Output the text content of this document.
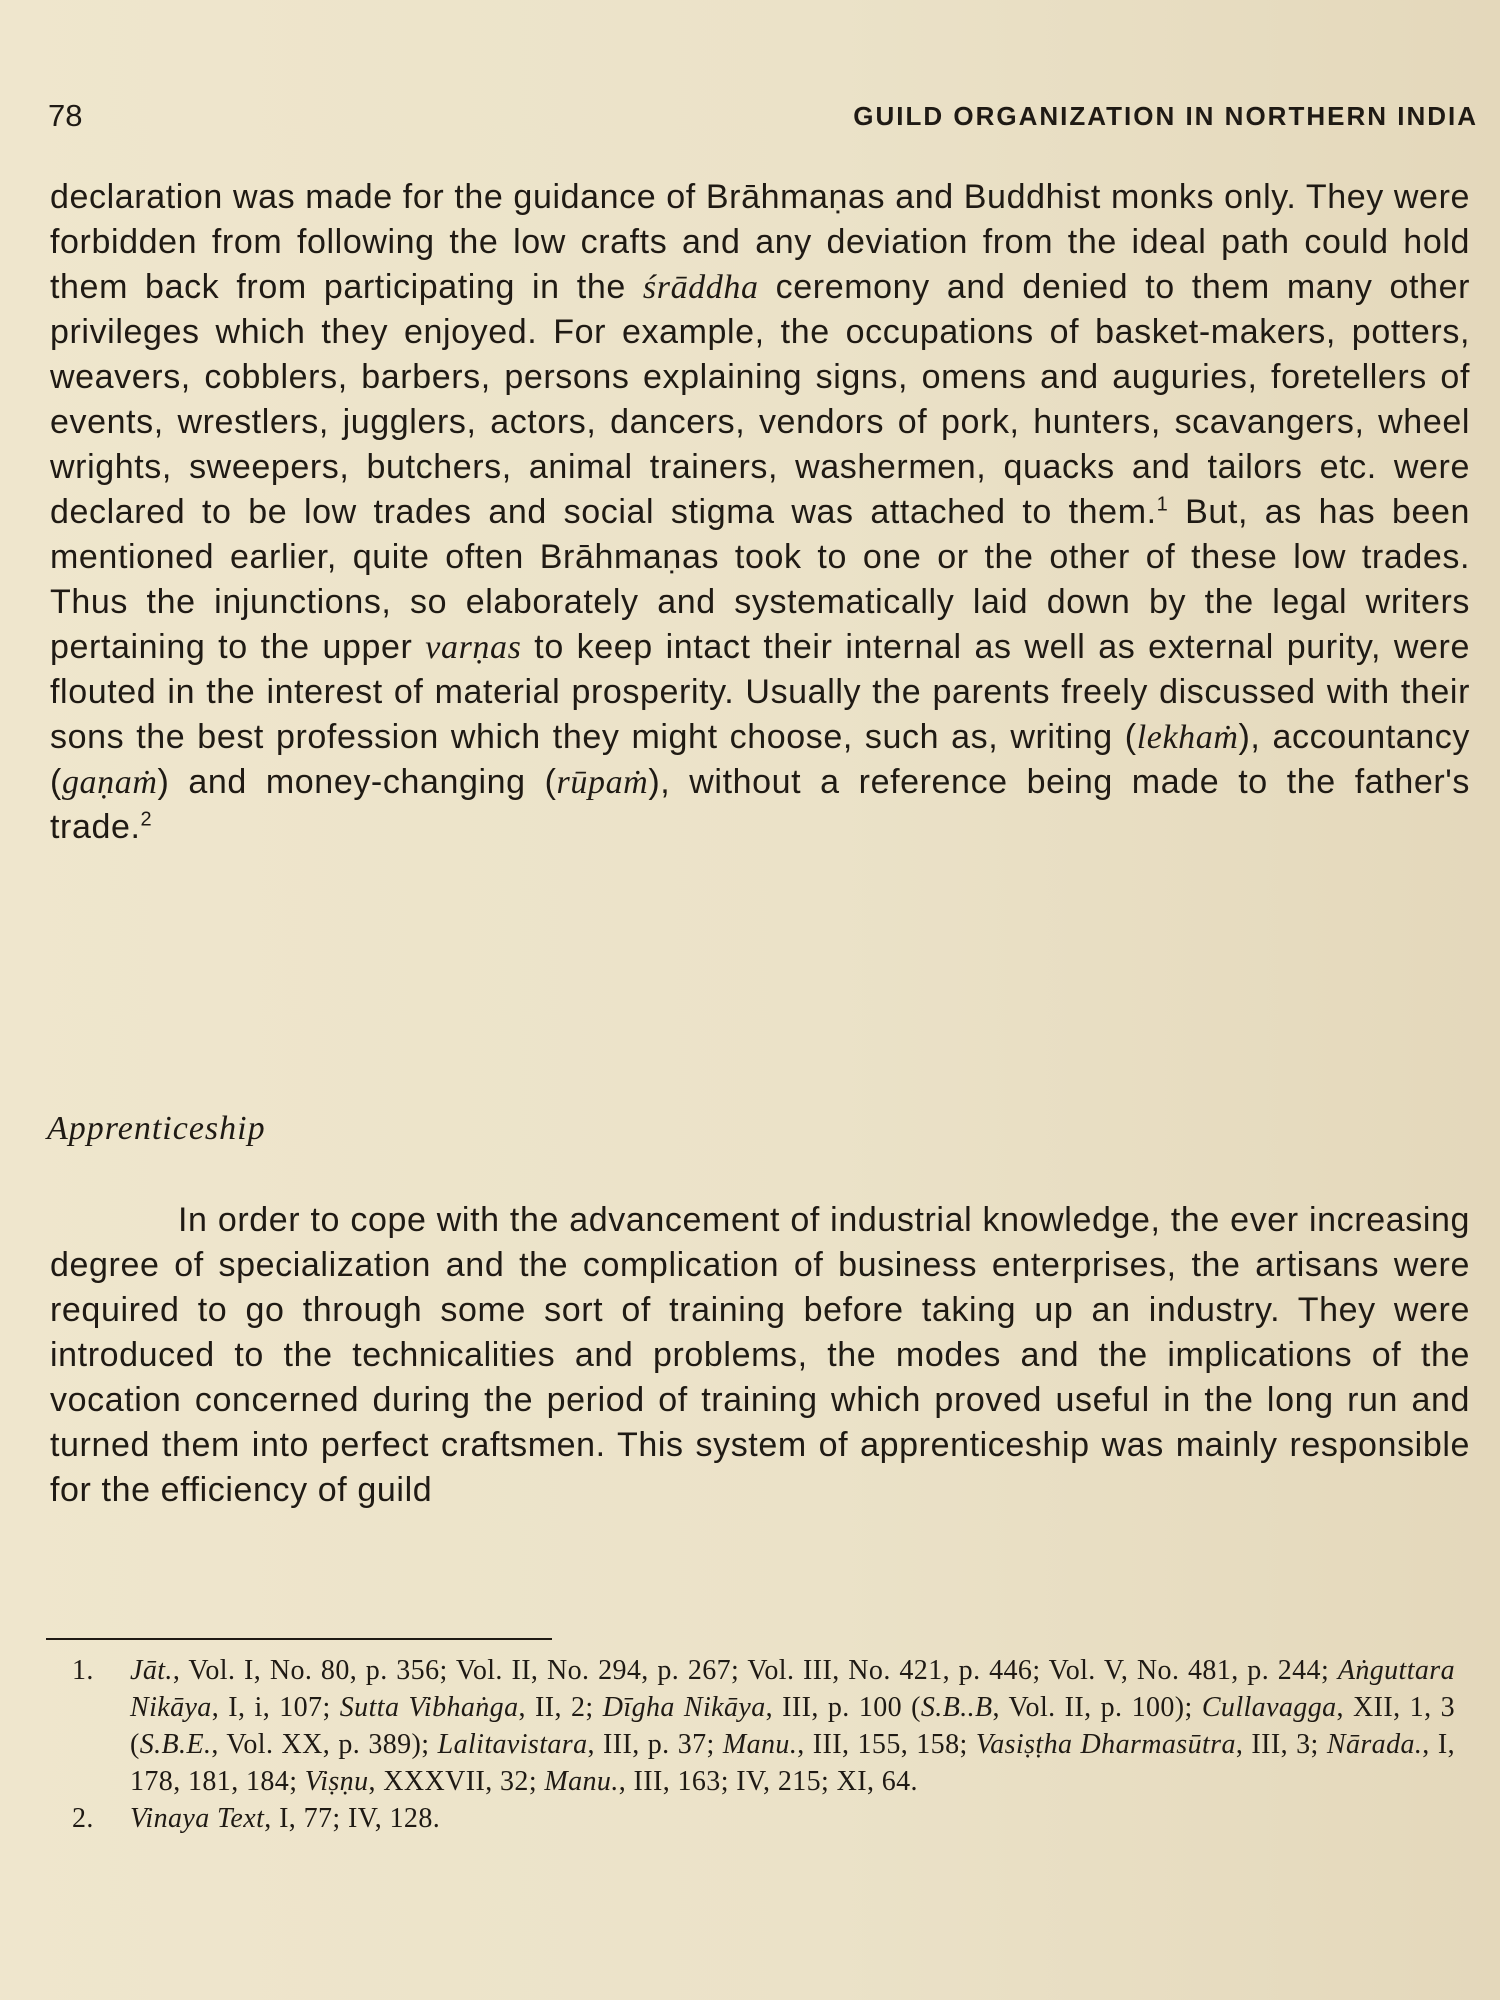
78	GUILD ORGANIZATION IN NORTHERN INDIA

declaration was made for the guidance of Brāhmaṇas and Buddhist monks only. They were forbidden from following the low crafts and any deviation from the ideal path could hold them back from participating in the śrāddha ceremony and denied to them many other privileges which they enjoyed. For example, the occupations of basket-makers, potters, weavers, cobblers, barbers, persons explaining signs, omens and auguries, foretellers of events, wrestlers, jugglers, actors, dancers, vendors of pork, hunters, scavangers, wheel wrights, sweepers, butchers, animal trainers, washermen, quacks and tailors etc. were declared to be low trades and social stigma was attached to them.$^1$ But, as has been mentioned earlier, quite often Brāhmaṇas took to one or the other of these low trades. Thus the injunctions, so elaborately and systematically laid down by the legal writers pertaining to the upper varṇas to keep intact their internal as well as external purity, were flouted in the interest of material prosperity. Usually the parents freely discussed with their sons the best profession which they might choose, such as, writing (lekhaṁ), accountancy (gaṇaṁ) and money-changing (rūpaṁ), without a reference being made to the father's trade.$^2$

Apprenticeship

In order to cope with the advancement of industrial knowledge, the ever increasing degree of specialization and the complication of business enterprises, the artisans were required to go through some sort of training before taking up an industry. They were introduced to the technicalities and problems, the modes and the implications of the vocation concerned during the period of training which proved useful in the long run and turned them into perfect craftsmen. This system of apprenticeship was mainly responsible for the efficiency of guild

1. Jāt., Vol. I, No. 80, p. 356; Vol. II, No. 294, p. 267; Vol. III, No. 421, p. 446; Vol. V, No. 481, p. 244; Aṅguttara Nikāya, I, i, 107; Sutta Vibhaṅga, II, 2; Dīgha Nikāya, III, p. 100 (S.B..B, Vol. II, p. 100); Cullavagga, XII, 1, 3 (S.B.E., Vol. XX, p. 389); Lalitavistara, III, p. 37; Manu., III, 155, 158; Vasiṣṭha Dharmasūtra, III, 3; Nārada., I, 178, 181, 184; Viṣṇu, XXXVII, 32; Manu., III, 163; IV, 215; XI, 64.
2. Vinaya Text, I, 77; IV, 128.
